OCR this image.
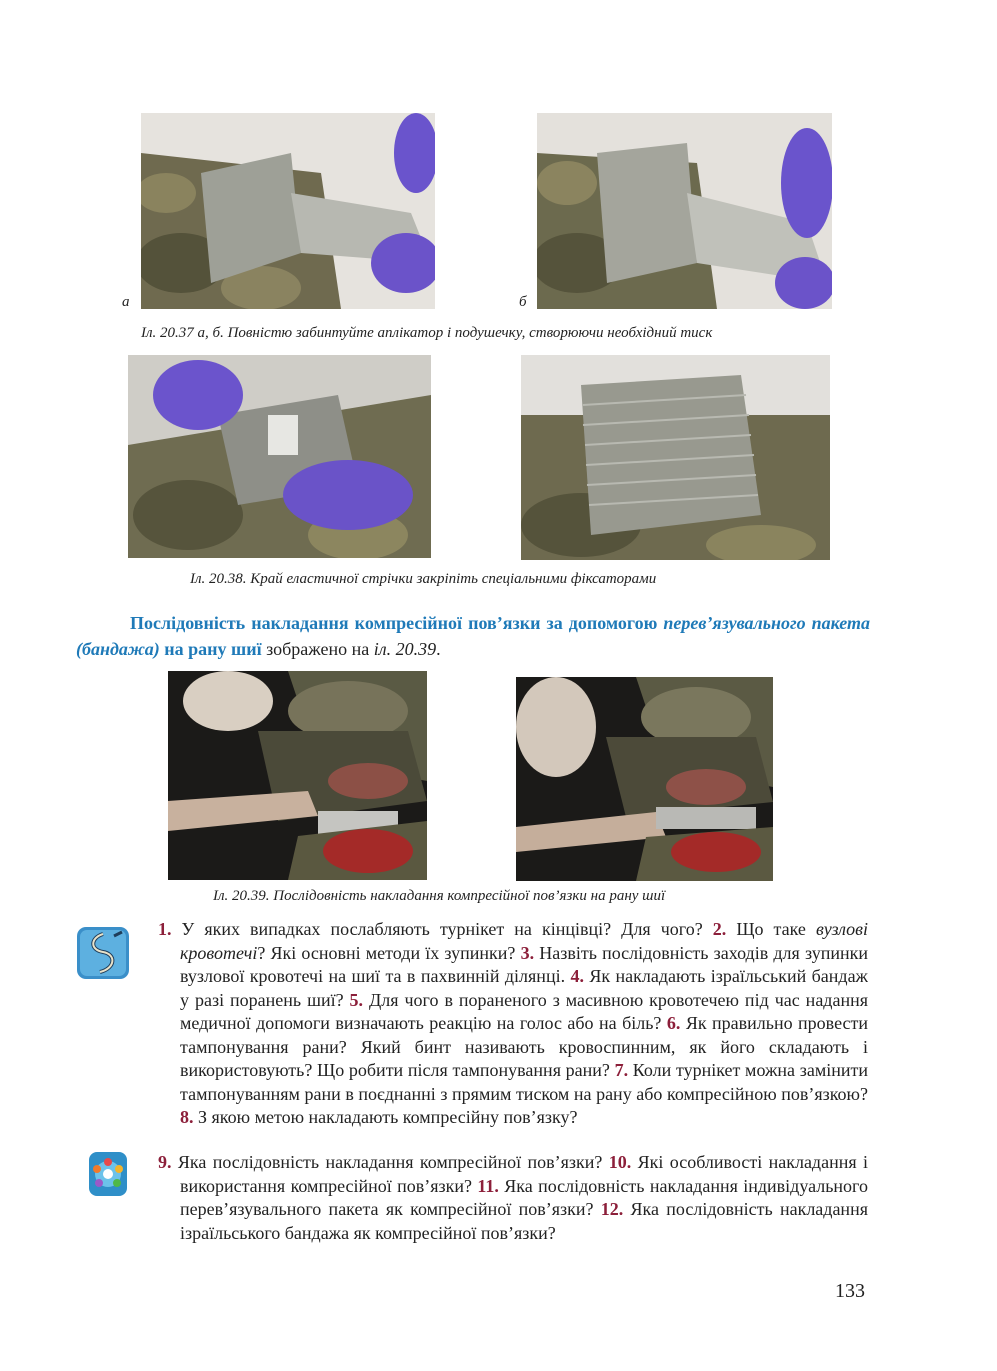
а	б
Іл. 20.37 а, б. Повністю забинтуйте аплікатор і подушечку, створюючи необхідний тиск
Іл. 20.38. Край еластичної стрічки закріпіть спеціальними фіксаторами
Послідовність накладання компресійної пов’язки за допомогою перев’язувального пакета (бандажа) на рану шиї зображено на іл. 20.39.
Іл. 20.39. Послідовність накладання компресійної пов’язки на рану шиї
1. У яких випадках послабляють турнікет на кінцівці? Для чого? 2. Що таке вузлові кровотечі? Які основні методи їх зупинки? 3. Назвіть послідовність заходів для зупинки вузлової кровотечі на шиї та в пахвинній ділянці. 4. Як накладають ізраїльський бандаж у разі поранень шиї? 5. Для чого в пораненого з масивною кровотечею під час надання медичної допомоги визначають реакцію на голос або на біль? 6. Як правильно провести тампонування рани? Який бинт називають кровоспинним, як його складають і використовують? Що робити після тампонування рани? 7. Коли турнікет можна замінити тампонуванням рани в поєднанні з прямим тиском на рану або компресійною пов’язкою? 8. З якою метою накладають компресійну пов’язку?
9. Яка послідовність накладання компресійної пов’язки? 10. Які особливості накладання і використання компресійної пов’язки? 11. Яка послідовність накладання індивідуального перев’язувального пакета як компресійної пов’язки? 12. Яка послідовність накладання ізраїльського бандажа як компресійної пов’язки?
133
